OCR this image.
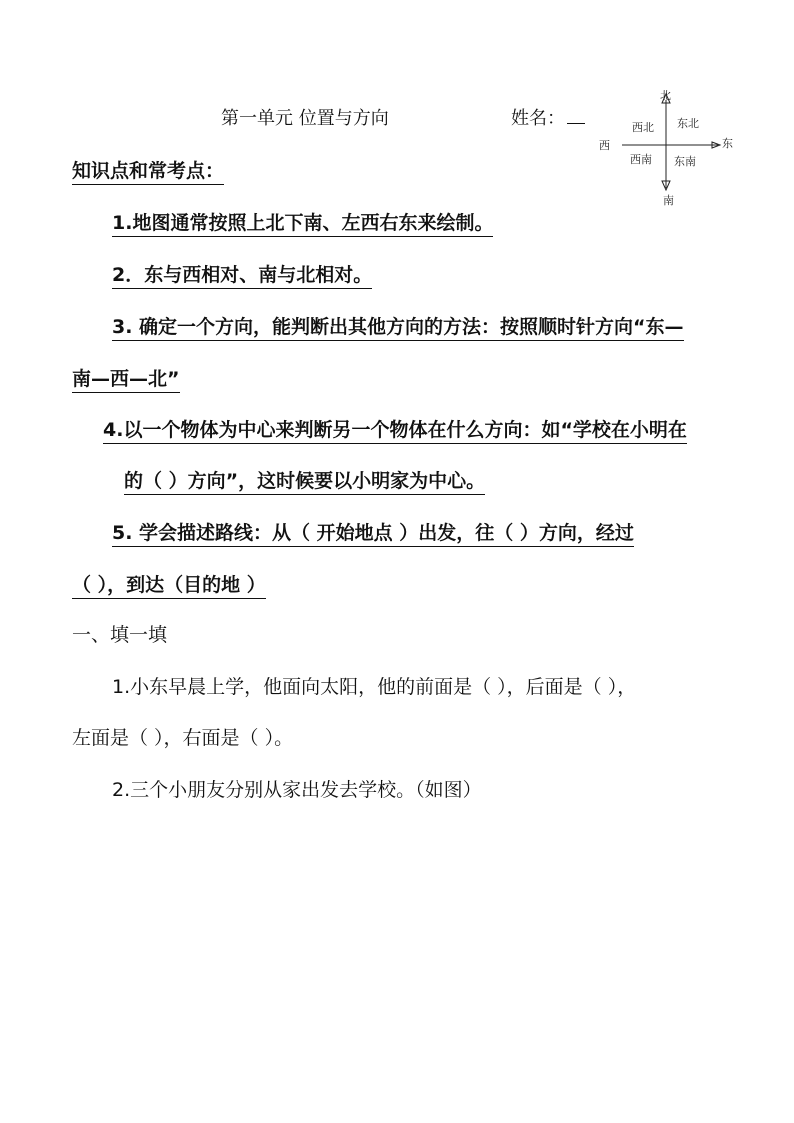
第一单元 位置与方向	姓名：
北
南
东
西
东北
西北
东南
西南
知识点和常考点：
1.地图通常按照上北下南、左西右东来绘制。
2．东与西相对、南与北相对。
3. 确定一个方向，能判断出其他方向的方法：按照顺时针方向“东—
南—西—北”
4.以一个物体为中心来判断另一个物体在什么方向：如“学校在小明在
的（ ）方向”，这时候要以小明家为中心。
5. 学会描述路线：从（ 开始地点 ）出发，往（ ）方向，经过
（ ），到达（目的地 ）
一、填一填
1.小东早晨上学，他面向太阳，他的前面是（ ），后面是（ ），
左面是（ ），右面是（ ）。
2.三个小朋友分别从家出发去学校。（如图）
